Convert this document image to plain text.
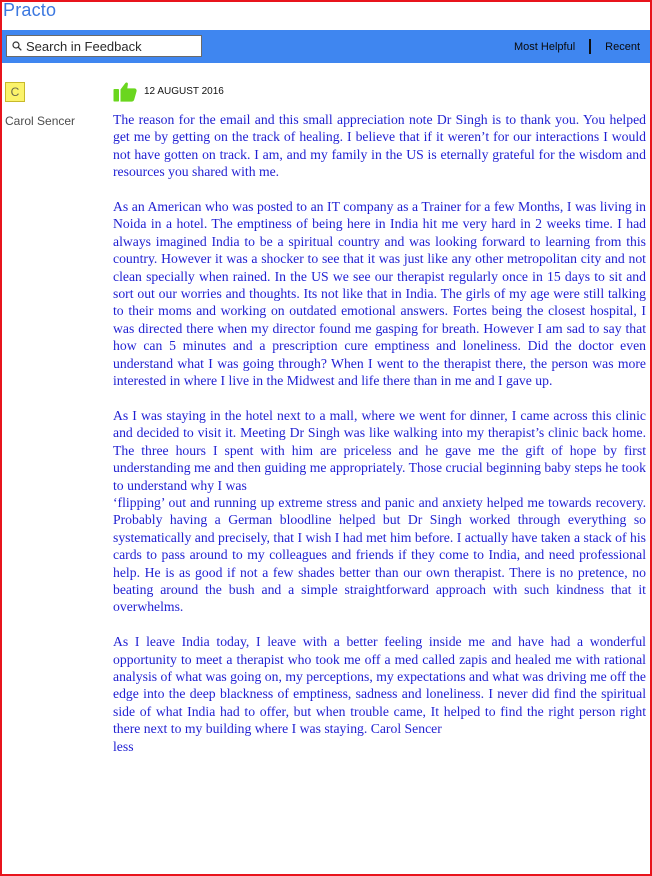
Practo
Search in Feedback
Most Helpful	Recent
C
Carol Sencer
12 AUGUST 2016

The reason for the email and this small appreciation note Dr Singh is to thank you. You helped get me by getting on the track of healing. I believe that if it weren’t for our interactions I would not have gotten on track. I am, and my family in the US is eternally grateful for the wisdom and resources you shared with me.

As an American who was posted to an IT company as a Trainer for a few Months, I was living in Noida in a hotel. The emptiness of being here in India hit me very hard in 2 weeks time. I had always imagined India to be a spiritual country and was looking forward to learning from this country. However it was a shocker to see that it was just like any other metropolitan city and not clean specially when rained. In the US we see our therapist regularly once in 15 days to sit and sort out our worries and thoughts. Its not like that in India. The girls of my age were still talking to their moms and working on outdated emotional answers. Fortes being the closest hospital, I was directed there when my director found me gasping for breath. However I am sad to say that how can 5 minutes and a prescription cure emptiness and loneliness. Did the doctor even understand what I was going through? When I went to the therapist there, the person was more interested in where I live in the Midwest and life there than in me and I gave up.

As I was staying in the hotel next to a mall, where we went for dinner, I came across this clinic and decided to visit it. Meeting Dr Singh was like walking into my therapist’s clinic back home. The three hours I spent with him are priceless and he gave me the gift of hope by first understanding me and then guiding me appropriately. Those crucial beginning baby steps he took to understand why I was

‘flipping’ out and running up extreme stress and panic and anxiety helped me towards recovery. Probably having a German bloodline helped but Dr Singh worked through everything so systematically and precisely, that I wish I had met him before. I actually have taken a stack of his cards to pass around to my colleagues and friends if they come to India, and need professional help. He is as good if not a few shades better than our own therapist. There is no pretence, no beating around the bush and a simple straightforward approach with such kindness that it overwhelms.

As I leave India today, I leave with a better feeling inside me and have had a wonderful opportunity to meet a therapist who took me off a med called zapis and healed me with rational analysis of what was going on, my perceptions, my expectations and what was driving me off the edge into the deep blackness of emptiness, sadness and loneliness. I never did find the spiritual side of what India had to offer, but when trouble came, It helped to find the right person right there next to my building where I was staying. Carol Sencer

less
